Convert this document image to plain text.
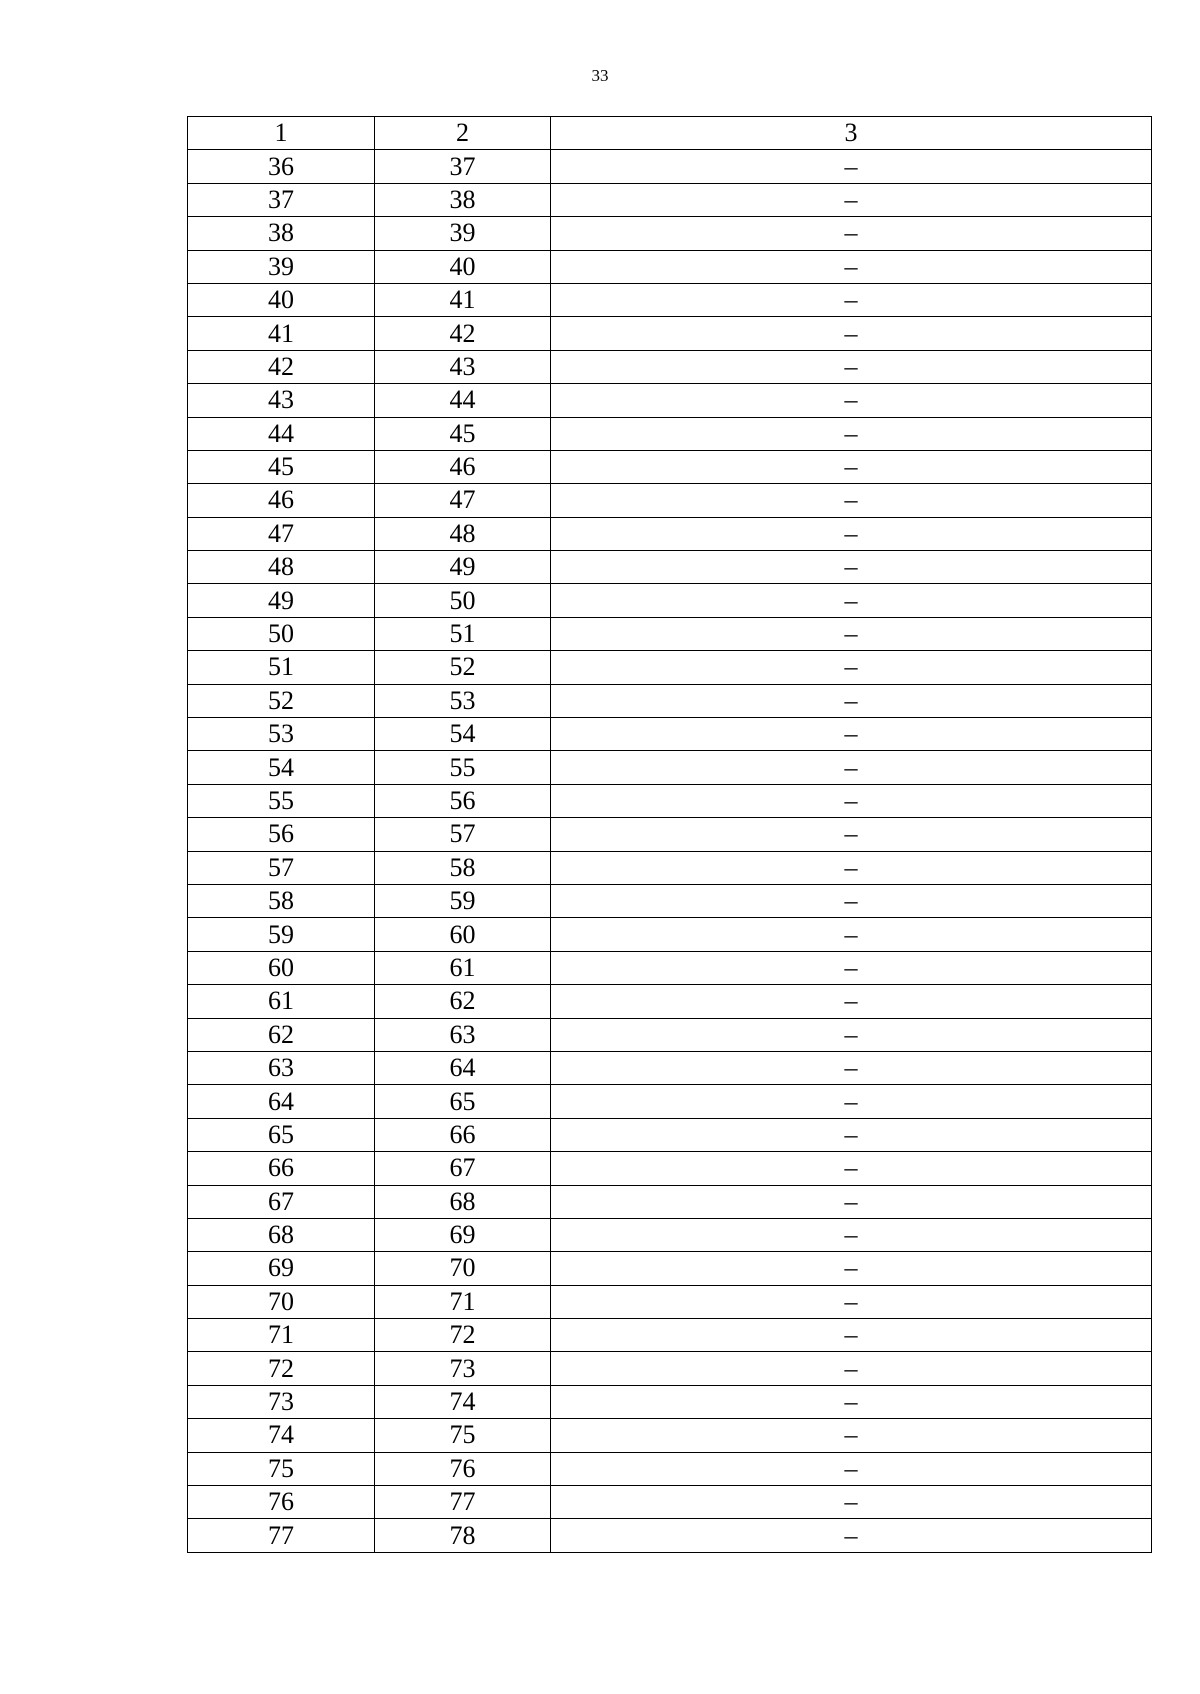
33
1	2	3
36	37	–
37	38	–
38	39	–
39	40	–
40	41	–
41	42	–
42	43	–
43	44	–
44	45	–
45	46	–
46	47	–
47	48	–
48	49	–
49	50	–
50	51	–
51	52	–
52	53	–
53	54	–
54	55	–
55	56	–
56	57	–
57	58	–
58	59	–
59	60	–
60	61	–
61	62	–
62	63	–
63	64	–
64	65	–
65	66	–
66	67	–
67	68	–
68	69	–
69	70	–
70	71	–
71	72	–
72	73	–
73	74	–
74	75	–
75	76	–
76	77	–
77	78	–
